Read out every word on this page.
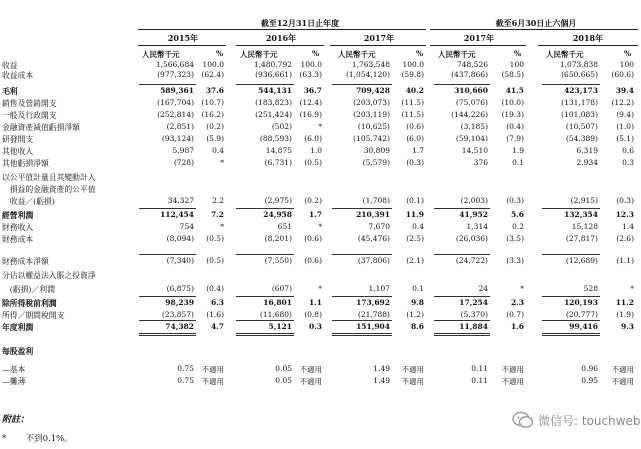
截至12月31日止年度	截至6月30日止六個月
2015年	2016年	2017年	2017年	2018年
人民幣千元	% 人民幣千元	%	人民幣千元	% 人民幣千元	%	人民幣千元	%
收益	1,566,684	100.0	1,480,792	100.0	1,763,548	100.0	748,526	100	1,073,838	100
收益成本	(977,323) (62.4)	(936,661) (63.3)	(1,054,120)	(59.8)	(437,866)	(58.5)	(650,665)	(60.6)
毛利	589,361	37.6	544,131	36.7	709,428	40.2	310,660	41.5	423,173	39.4
銷售及營銷開支	(167,704) (10.7)	(183,823) (12.4)	(203,073)	(11.5)	(75,076)	(10.0)	(131,178)	(12.2)
一般及行政開支	(252,814) (16.2)	(251,424) (16.9)	(203,119)	(11.5)	(144,226)	(19.3)	(101,083)	(9.4)
金融資產減值虧損淨額	(2,851)	(0.2)	(502)	*	(10,625)	(0.6)	(3,185)	(0.4)	(10,507)	(1.0)
研發開支	(93,124)	(5.9)	(88,593)	(6.0)	(105,742)	(6.0)	(59,104)	(7.9)	(54,389)	(5.1)
其他收入	5,987	0.4	14,875	1.0	30,809	1.7	14,510	1.9	6,319	0.6
其他虧損淨額	(728)	*	(6,731)	(0.5)	(5,579)	(0.3)	376	0.1	2,934	0.3
以公平值計量且其變動計入
　損益的金融資產的公平值
　收益／(虧損)	34,327	2.2	(2,975)	(0.2)	(1,708)	(0.1)	(2,003)	(0.3)	(2,915)	(0.3)
經營利潤	112,454	7.2	24,958	1.7	210,391	11.9	41,952	5.6	132,354	12.3
財務收入	754	*	651	*	7,670	0.4	1,314	0.2	15,128	1.4
財務成本	(8,094)	(0.5)	(8,201)	(0.6)	(45,476)	(2.5)	(26,036)	(3.5)	(27,817)	(2.6)
財務成本淨額	(7,340)	(0.5)	(7,550)	(0.6)	(37,806)	(2.1)	(24,722)	(3.3)	(12,689)	(1.1)
分佔以權益法入賬之投資淨
　(虧損)／利潤	(6,875)	(0.4)	(607)	*	1,107	0.1	24	*	528	*
除所得稅前利潤	98,239	6.3	16,801	1.1	173,692	9.8	17,254	2.3	120,193	11.2
所得／期間稅開支	(23,857)	(1.6)	(11,680)	(0.8)	(21,788)	(1.2)	(5,370)	(0.7)	(20,777)	(1.9)
年度利潤	74,382	4.7	5,121	0.3	151,904	8.6	11,884	1.6	99,416	9.3
每股盈利
—基本	0.75	不適用	0.05	不適用	1.49	不適用	0.11	不適用	0.96	不適用
—攤薄	0.75	不適用	0.05	不適用	1.49	不適用	0.11	不適用	0.95	不適用
附註：
* 不到0.1%。
微信号: touchweb
